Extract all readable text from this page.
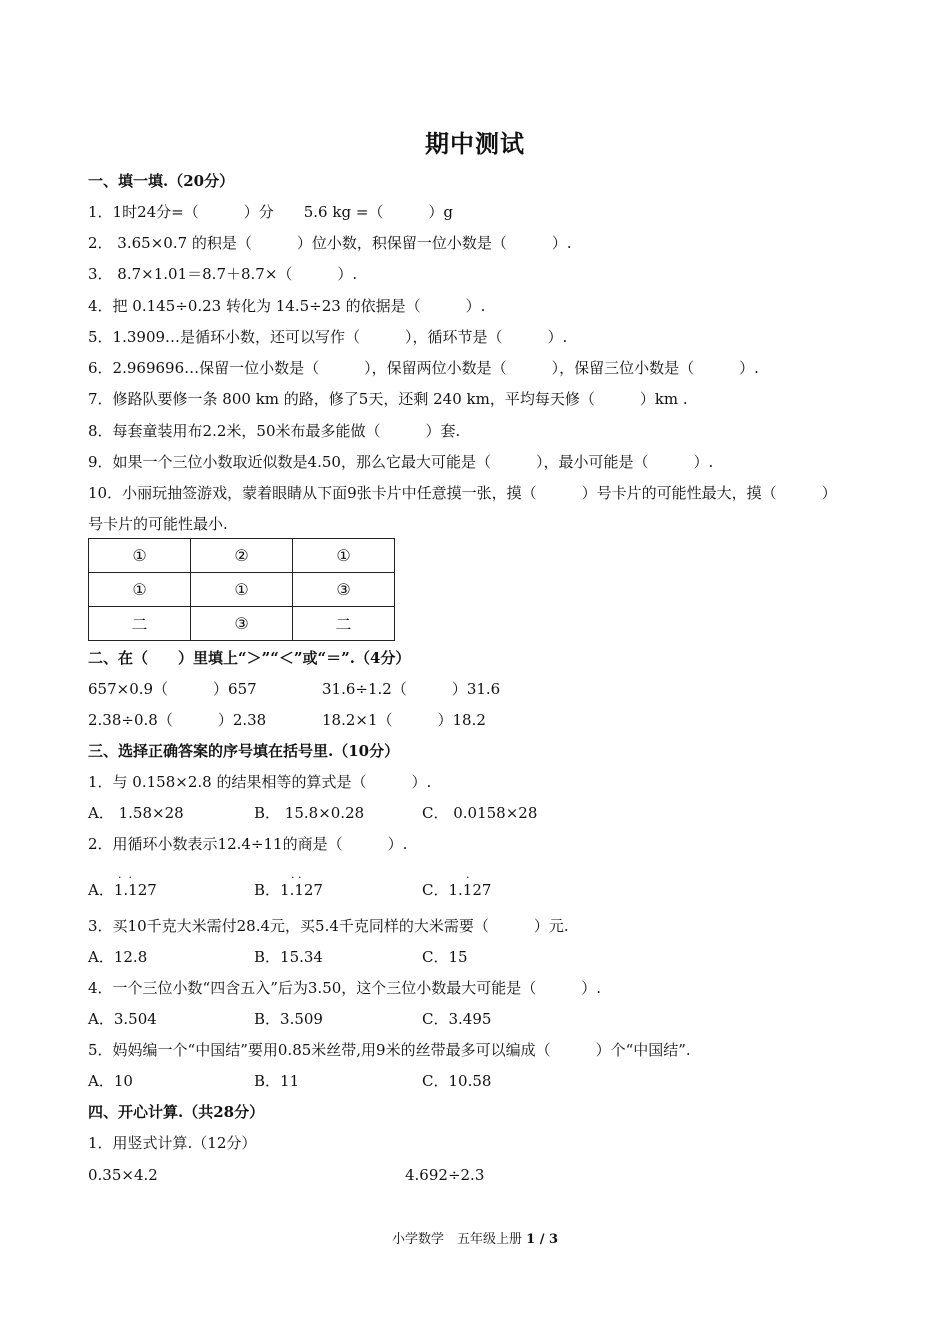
期中测试
一、填一填.（20分）
1．1时24分=（　　　）分　　5.6 kg =（　　　）g
2． 3.65×0.7 的积是（　　　）位小数，积保留一位小数是（　　　）.
3． 8.7×1.01＝8.7＋8.7×（　　　）.
4．把 0.145÷0.23 转化为 14.5÷23 的依据是（　　　）.
5．1.3909…是循环小数，还可以写作（　　　），循环节是（　　　）.
6．2.969696…保留一位小数是（　　　），保留两位小数是（　　　），保留三位小数是（　　　）.
7．修路队要修一条 800 km 的路，修了5天，还剩 240 km，平均每天修（　　　）km .
8．每套童装用布2.2米，50米布最多能做（　　　）套.
9．如果一个三位小数取近似数是4.50，那么它最大可能是（　　　），最小可能是（　　　）.
10．小丽玩抽签游戏，蒙着眼睛从下面9张卡片中任意摸一张，摸（　　　）号卡片的可能性最大，摸（　　　）
号卡片的可能性最小.
①	②	①
①	①	③
二	③	二
二、在（　　）里填上“＞”“＜”或“＝”.（4分）
657×0.9（　　　）657	31.6÷1.2（　　　）31.6
2.38÷0.8（　　　）2.38	18.2×1（　　　）18.2
三、选择正确答案的序号填在括号里.（10分）
1．与 0.158×2.8 的结果相等的算式是（　　　）.
A． 1.58×28	B． 15.8×0.28	C． 0.0158×28
2．用循环小数表示12.4÷11的商是（　　　）.
A．1.127	B．1.127	C．1.127
·  ·	· ·	·
3．买10千克大米需付28.4元，买5.4千克同样的大米需要（　　　）元.
A．12.8	B．15.34	C．15
4．一个三位小数“四含五入”后为3.50，这个三位小数最大可能是（　　　）.
A．3.504	B．3.509	C．3.495
5．妈妈编一个“中国结”要用0.85米丝带,用9米的丝带最多可以编成（　　　）个“中国结”.
A．10	B．11	C．10.58
四、开心计算.（共28分）
1．用竖式计算.（12分）
0.35×4.2	4.692÷2.3
小学数学　五年级上册 1 / 3
